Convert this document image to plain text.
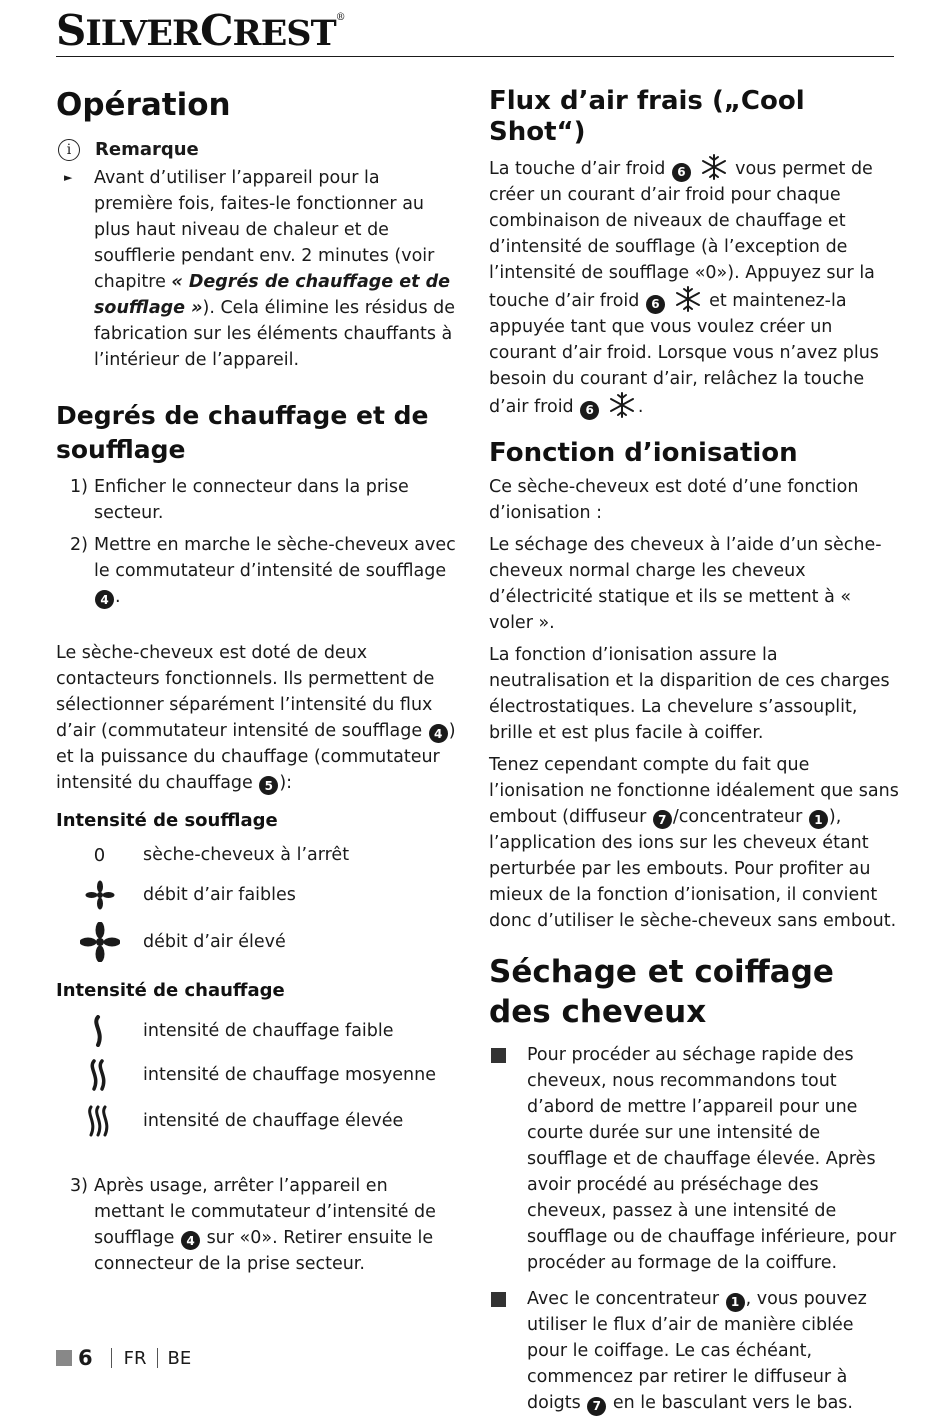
SILVERCREST®
Opération
i	Remarque
►	Avant d’utiliser l’appareil pour la première fois, faites-le fonctionner au plus haut niveau de chaleur et de soufflerie pendant env. 2 minutes (voir chapitre « Degrés de chauffage et de soufflage »). Cela élimine les résidus de fabrication sur les éléments chauffants à l’intérieur de l’appareil.

Degrés de chauffage et de soufflage
1) Enficher le connecteur dans la prise secteur.
2) Mettre en marche le sèche-cheveux avec le commutateur d’intensité de soufflage 4 .

Le sèche-cheveux est doté de deux contacteurs fonctionnels. Ils permettent de sélectionner séparément l’intensité du flux d’air (commutateur intensité de soufflage 4 ) et la puissance du chauffage (commutateur intensité du chauffage 5 ):

Intensité de soufflage
0	sèche-cheveux à l’arrêt
débit d’air faibles
débit d’air élevé
Intensité de chauffage
intensité de chauffage faible
intensité de chauffage mosyenne
intensité de chauffage élevée
3) Après usage, arrêter l’appareil en mettant le commutateur d’intensité de soufflage 4 sur «0». Retirer ensuite le connecteur de la prise secteur.
Flux d’air frais („Cool Shot“)

La touche d’air froid 6	vous permet de créer un courant d’air froid pour chaque combinaison de niveaux de chauffage et d’intensité de soufflage (à l’exception de l’intensité de soufflage «0»). Appuyez sur la touche d’air froid 6	et maintenez-la appuyée tant que vous voulez créer un courant d’air froid. Lorsque vous n’avez plus besoin du courant d’air, relâchez la touche d’air froid 6	.

Fonction d’ionisation

Ce sèche-cheveux est doté d’une fonction d’ionisation :

Le séchage des cheveux à l’aide d’un sèche-cheveux normal charge les cheveux d’électricité statique et ils se mettent à « voler ».

La fonction d’ionisation assure la neutralisation et la disparition de ces charges électrostatiques. La chevelure s’assouplit, brille et est plus facile à coiffer.

Tenez cependant compte du fait que l’ionisation ne fonctionne idéalement que sans embout (diffuseur 7 /concentrateur 1 ), l’application des ions sur les cheveux étant perturbée par les embouts. Pour profiter au mieux de la fonction d’ionisation, il convient donc d’utiliser le sèche-cheveux sans embout.

Séchage et coiffage des cheveux

Pour procéder au séchage rapide des cheveux, nous recommandons tout d’abord de mettre l’appareil pour une courte durée sur une intensité de soufflage et de chauffage élevée. Après avoir procédé au préséchage des cheveux, passez à une intensité de soufflage ou de chauffage inférieure, pour procéder au formage de la coiffure.

Avec le concentrateur 1 , vous pouvez utiliser le flux d’air de manière ciblée pour le coiffage. Le cas échéant, commencez par retirer le diffuseur à doigts 7 en le basculant vers le bas.

6 FR BE
